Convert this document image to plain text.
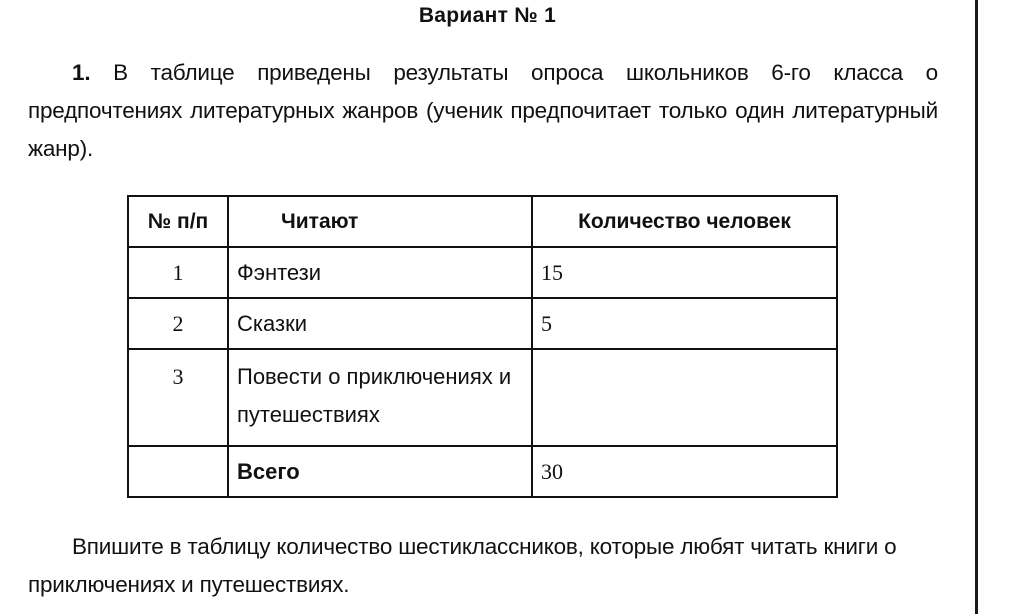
Вариант № 1
1. В таблице приведены результаты опроса школьников 6-го класса о предпочтениях литературных жанров (ученик предпочитает только один литературный жанр).
№ п/п	Читают	Количество человек
1	Фэнтези	15
2	Сказки	5
3	Повести о приключениях и путешествиях	
	Всего	30
Впишите в таблицу количество шестиклассников, которые любят читать книги о приключениях и путешествиях.
